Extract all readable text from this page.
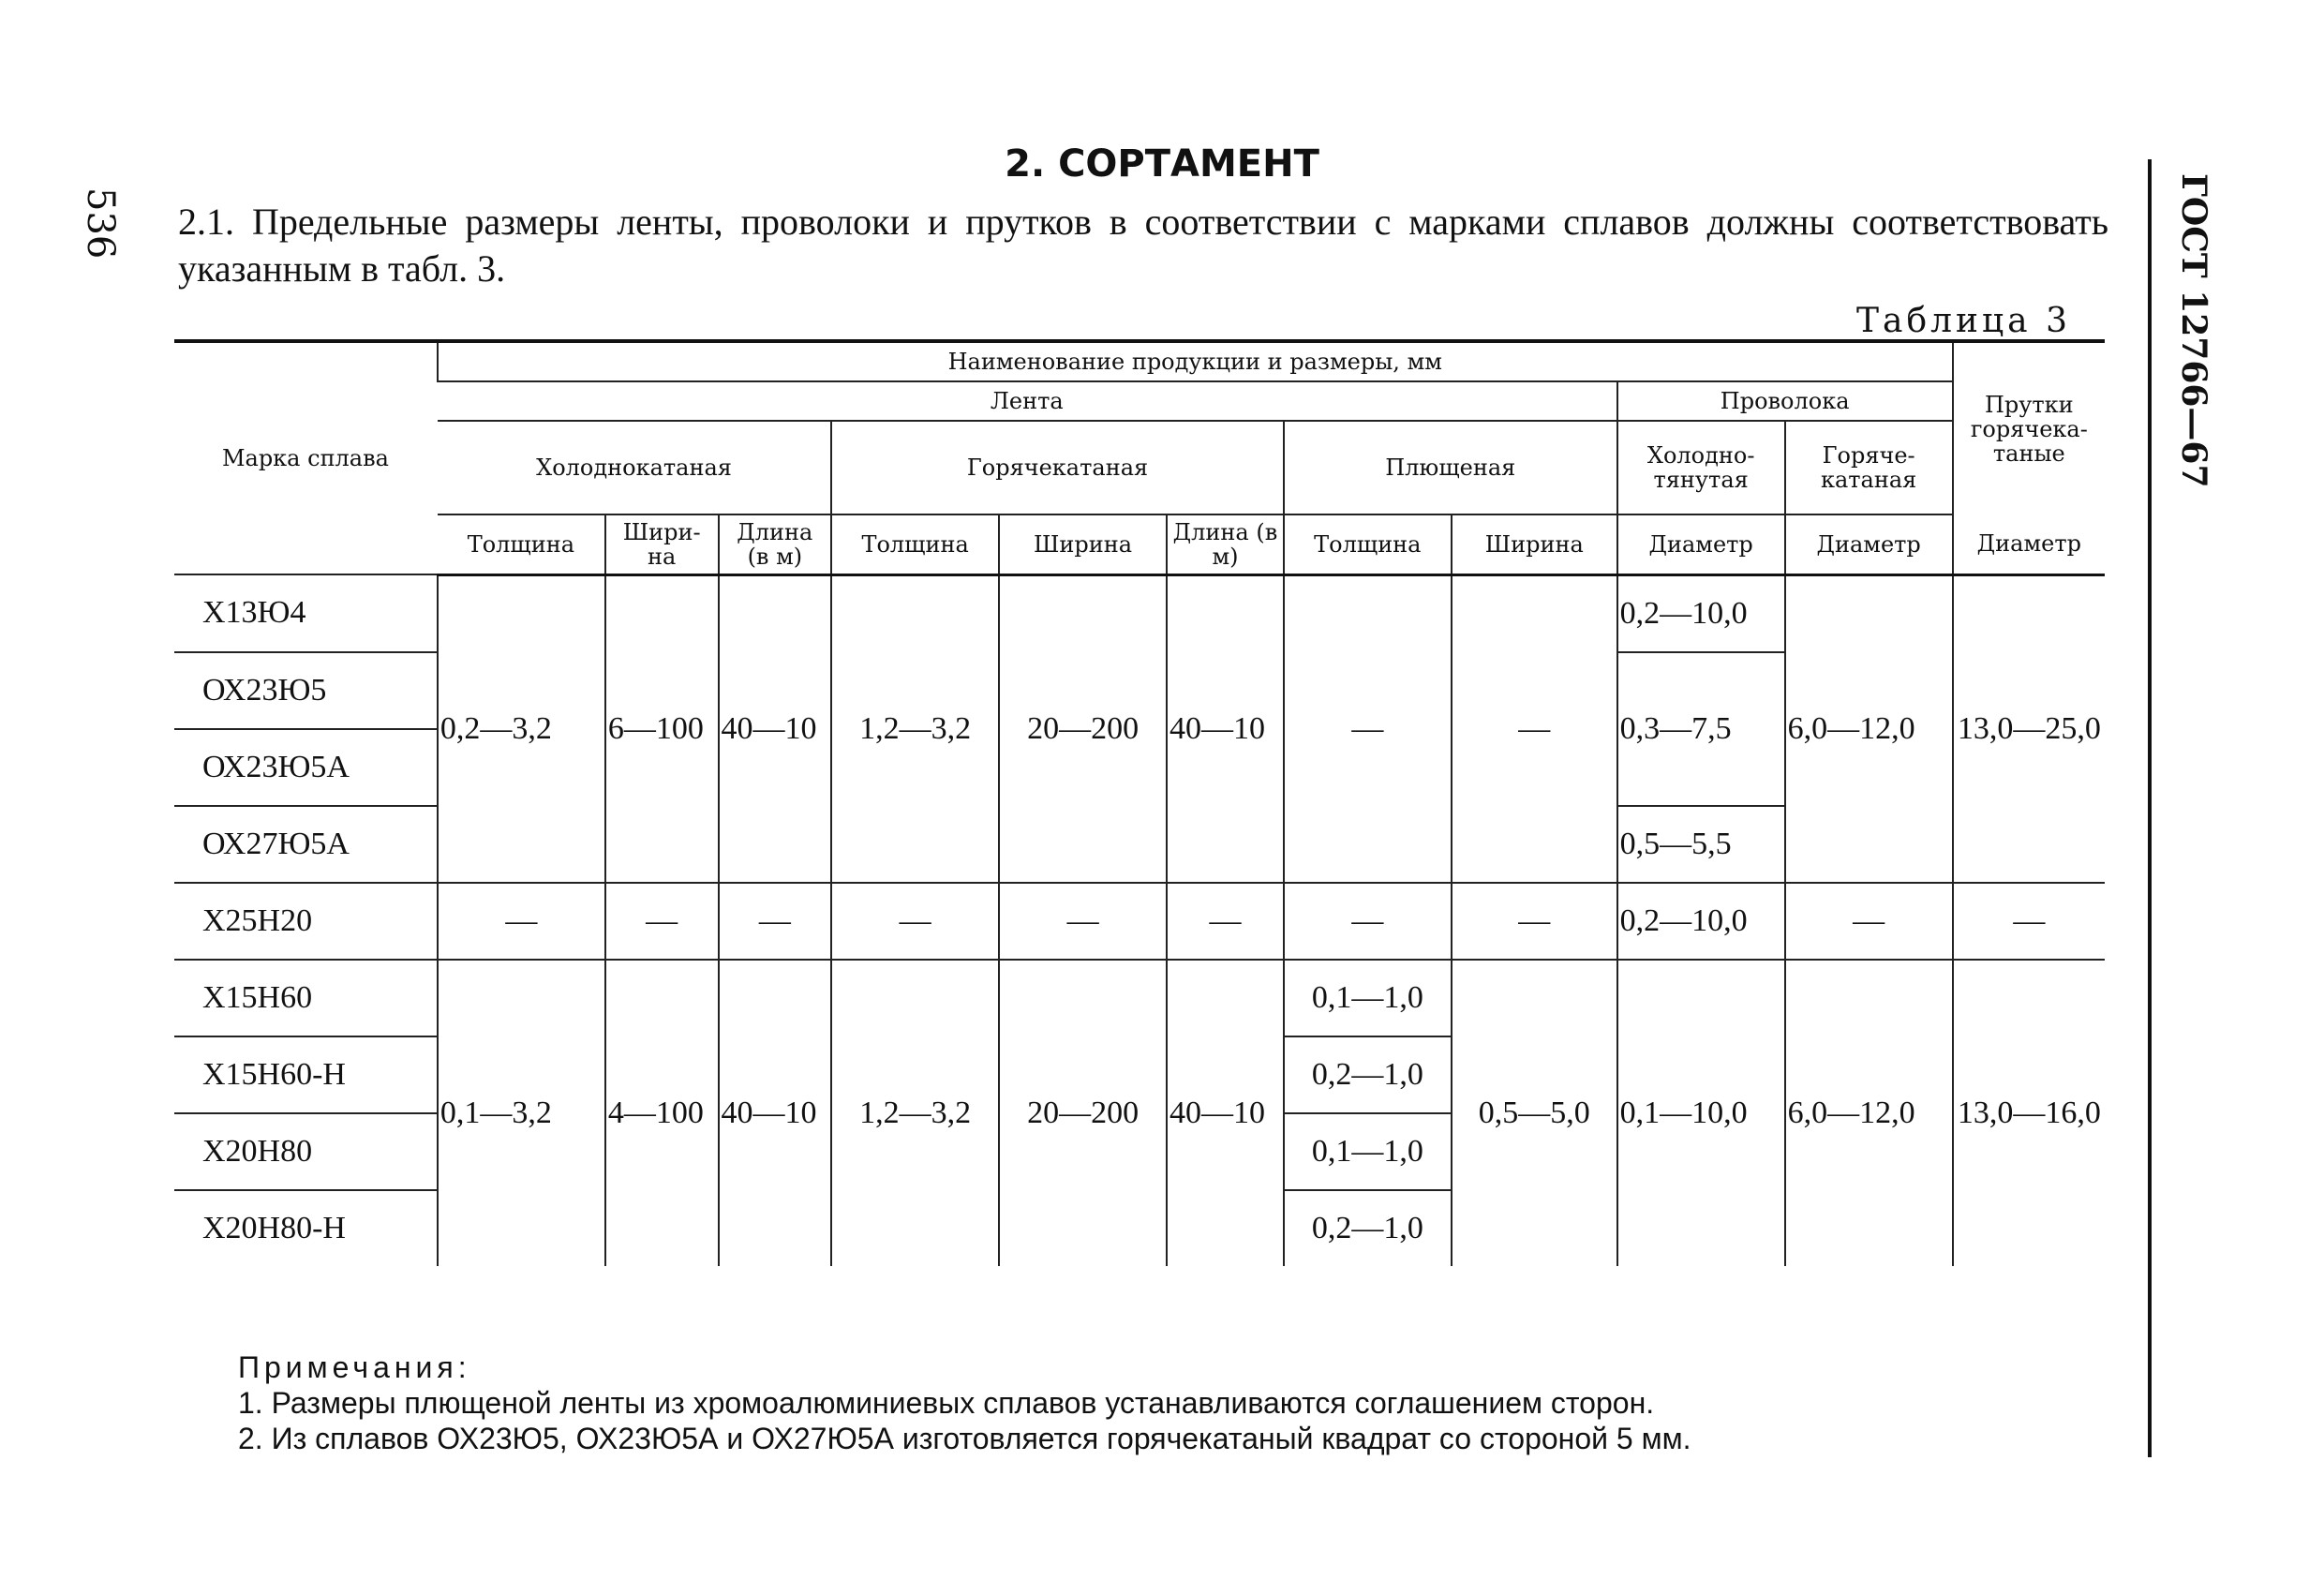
536	ГОСТ 12766—67
2. СОРТАМЕНТ
2.1. Предельные размеры ленты, проволоки и прутков в соответствии с марками сплавов должны соответствовать указанным в табл. 3.
Таблица 3
Марка сплава	Наименование продукции и размеры, мм										Прутки горячека-таные
	Лента								Проволока		
	Холоднокатаная			Горячекатаная			Плющеная		Холодно-тянутая	Горяче-катаная	
	Толщина	Шири-на	Длина (в м)	Толщина	Ширина	Длина (в м)	Толщина	Ширина	Диаметр	Диаметр	Диаметр
Х13Ю4	0,2—3,2	6—100	40—10	1,2—3,2	20—200	40—10	—	—	0,2—10,0	6,0—12,0	13,0—25,0
ОХ23Ю5									0,3—7,5		
ОХ23Ю5А											
ОХ27Ю5А									0,5—5,5		
Х25Н20	—	—	—	—	—	—	—	—	0,2—10,0	—	—
Х15Н60	0,1—3,2	4—100	40—10	1,2—3,2	20—200	40—10	0,1—1,0	0,5—5,0	0,1—10,0	6,0—12,0	13,0—16,0
Х15Н60-Н							0,2—1,0				
Х20Н80							0,1—1,0				
Х20Н80-Н							0,2—1,0				
Примечания:
1. Размеры плющеной ленты из хромоалюминиевых сплавов устанавливаются соглашением сторон.
2. Из сплавов ОХ23Ю5, ОХ23Ю5А и ОХ27Ю5А изготовляется горячекатаный квадрат со стороной 5 мм.
